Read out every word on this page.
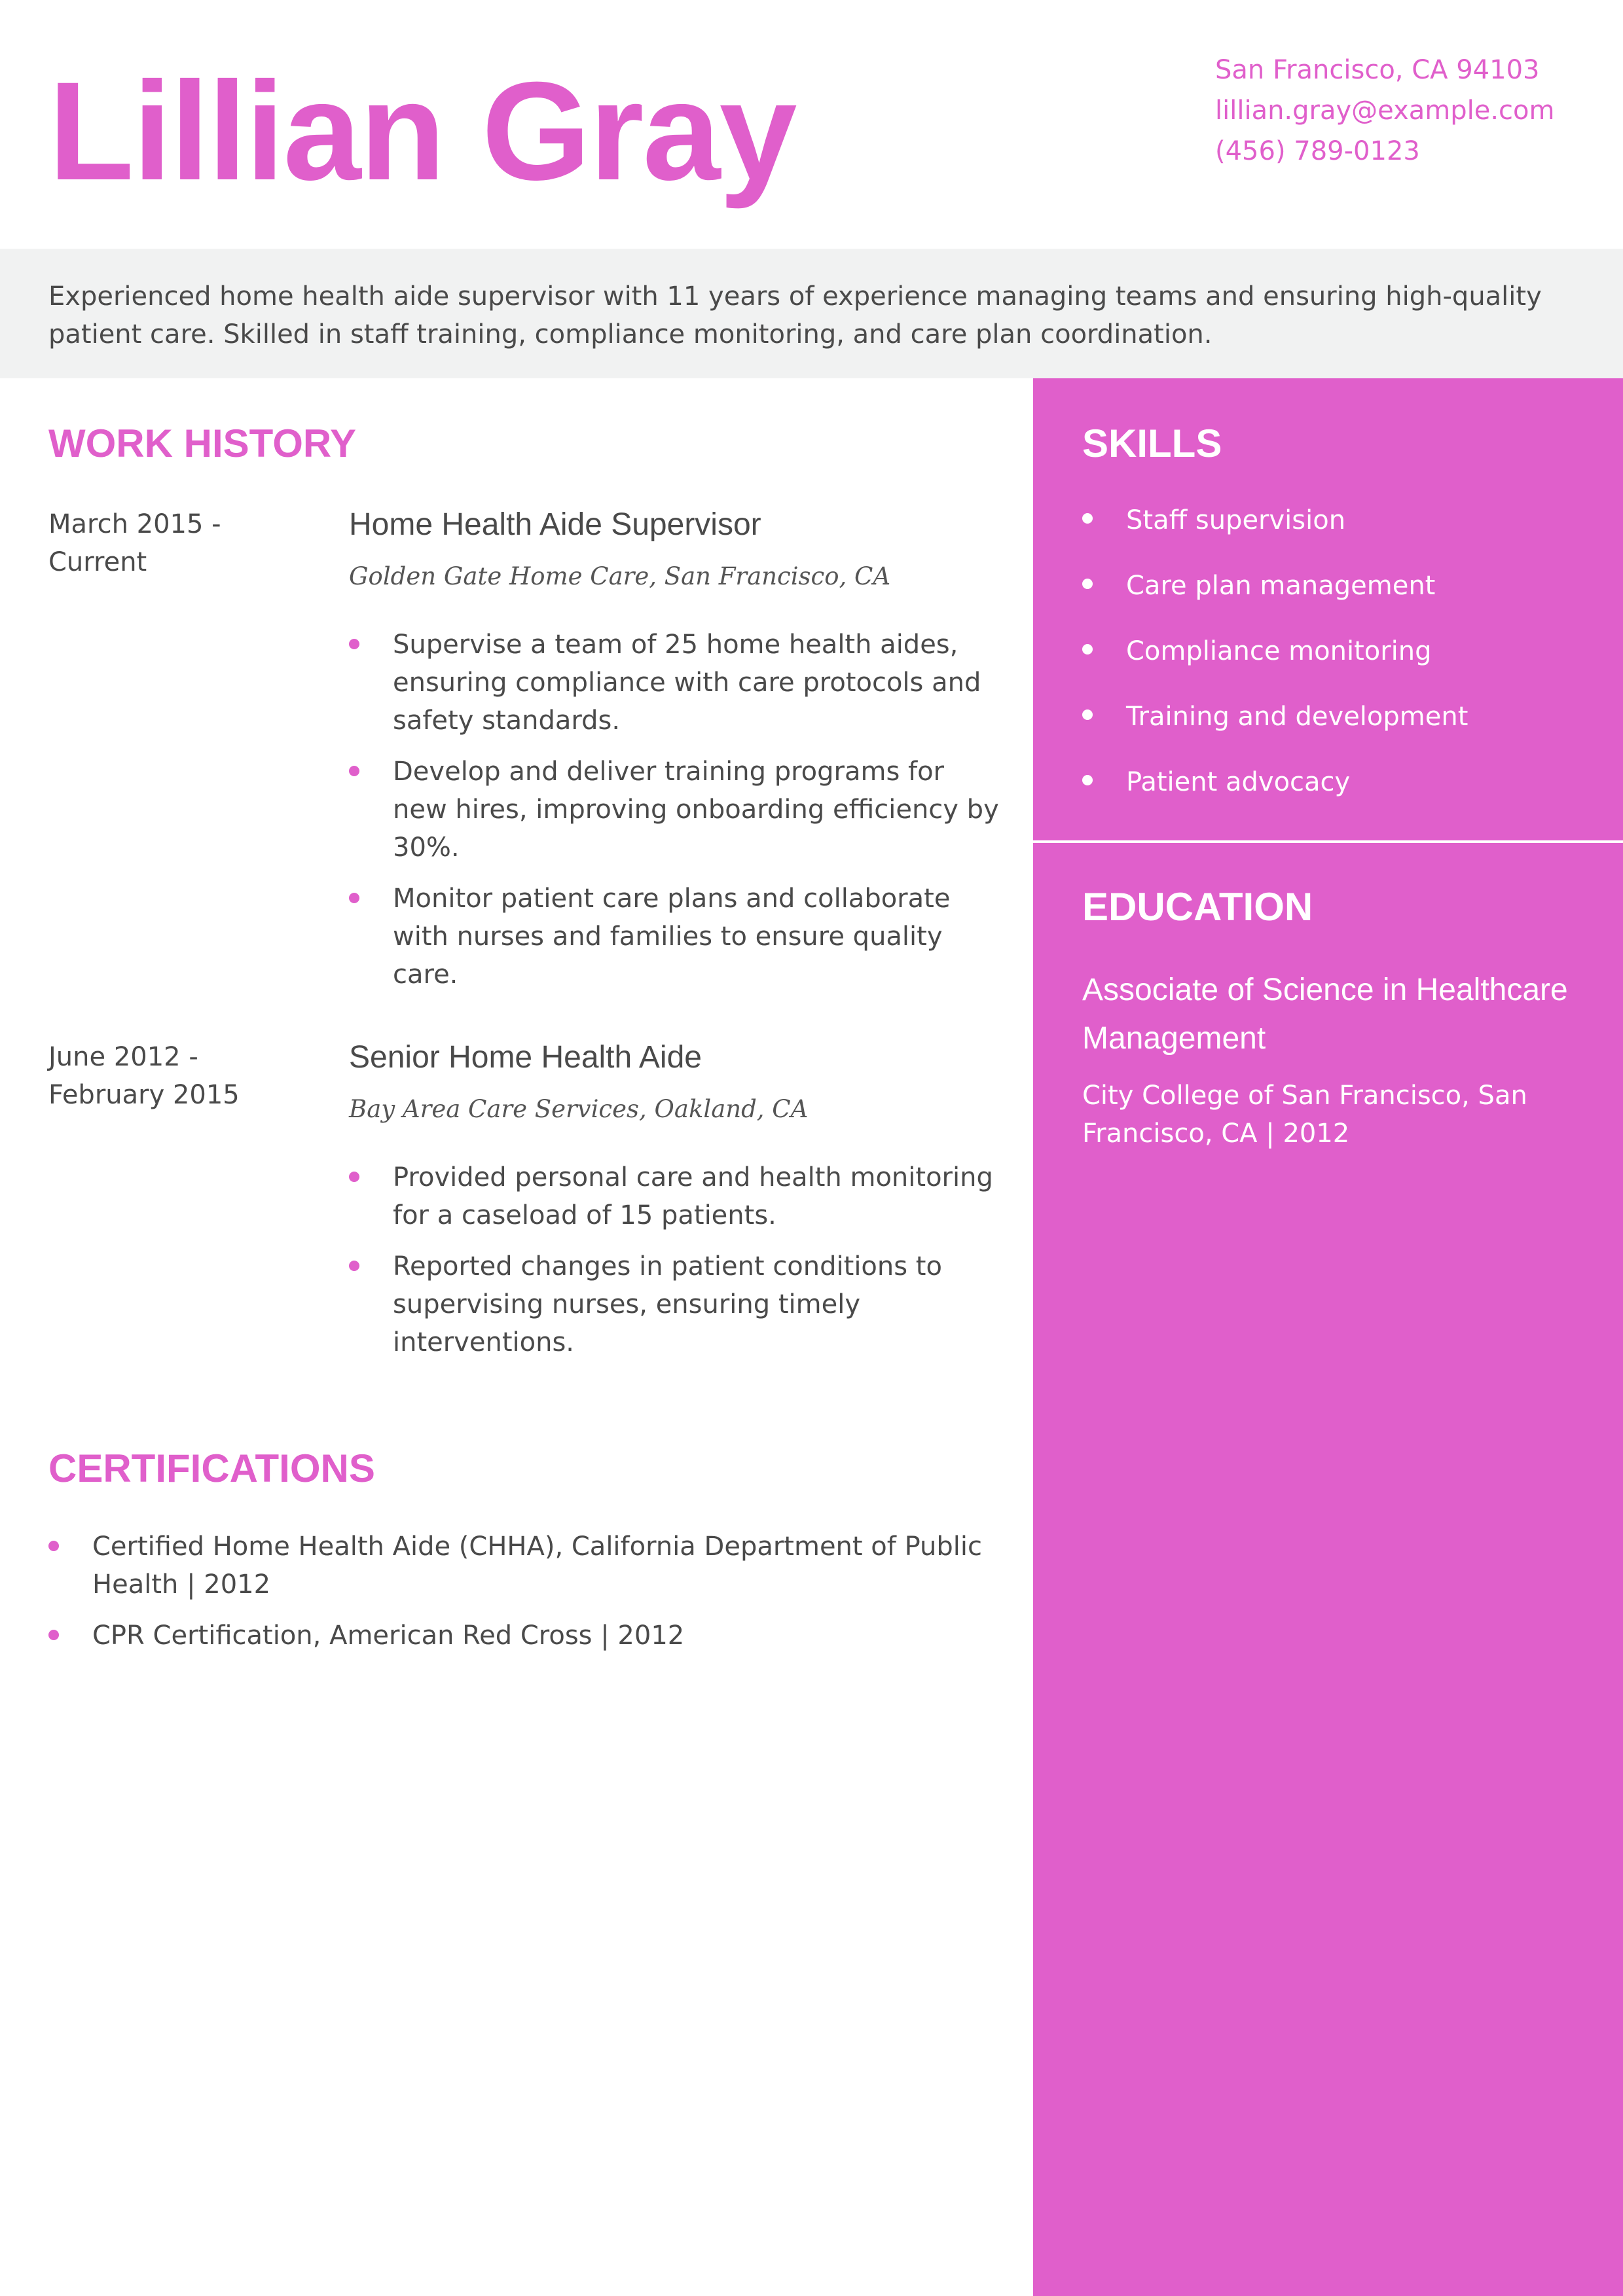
Lillian Gray	San Francisco, CA 94103
lillian.gray@example.com
(456) 789-0123

Experienced home health aide supervisor with 11 years of experience managing teams and ensuring high-quality patient care. Skilled in staff training, compliance monitoring, and care plan coordination.

WORK HISTORY
March 2015 - Current
Home Health Aide Supervisor
Golden Gate Home Care, San Francisco, CA
Supervise a team of 25 home health aides, ensuring compliance with care protocols and safety standards.
Develop and deliver training programs for new hires, improving onboarding efficiency by 30%.
Monitor patient care plans and collaborate with nurses and families to ensure quality care.
June 2012 - February 2015
Senior Home Health Aide
Bay Area Care Services, Oakland, CA
Provided personal care and health monitoring for a caseload of 15 patients.
Reported changes in patient conditions to supervising nurses, ensuring timely interventions.
CERTIFICATIONS
Certified Home Health Aide (CHHA), California Department of Public Health | 2012
CPR Certification, American Red Cross | 2012
SKILLS
Staff supervision
Care plan management
Compliance monitoring
Training and development
Patient advocacy
EDUCATION
Associate of Science in Healthcare Management
City College of San Francisco, San Francisco, CA | 2012
